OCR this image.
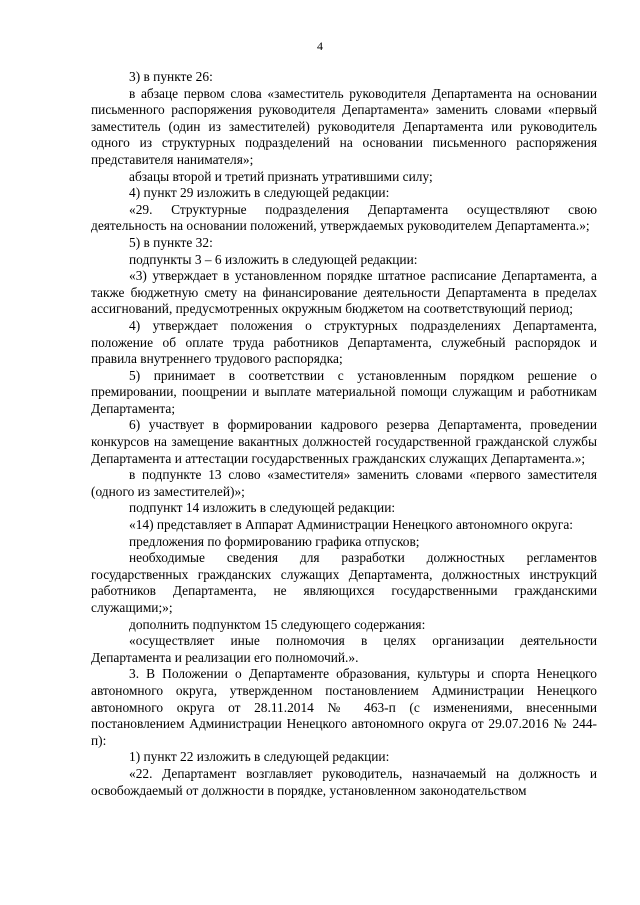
4

3) в пункте 26:

в абзаце первом слова «заместитель руководителя Департамента на основании письменного распоряжения руководителя Департамента» заменить словами «первый заместитель (один из заместителей) руководителя Департамента или руководитель одного из структурных подразделений на основании письменного распоряжения представителя нанимателя»;

абзацы второй и третий признать утратившими силу;

4) пункт 29 изложить в следующей редакции:

«29. Структурные подразделения Департамента осуществляют свою деятельность на основании положений, утверждаемых руководителем Департамента.»;

5) в пункте 32:

подпункты 3 – 6 изложить в следующей редакции:

«3) утверждает в установленном порядке штатное расписание Департамента, а также бюджетную смету на финансирование деятельности Департамента в пределах ассигнований, предусмотренных окружным бюджетом на соответствующий период;

4) утверждает положения о структурных подразделениях Департамента, положение об оплате труда работников Департамента, служебный распорядок и правила внутреннего трудового распорядка;

5) принимает в соответствии с установленным порядком решение о премировании, поощрении и выплате материальной помощи служащим и работникам Департамента;

6) участвует в формировании кадрового резерва Департамента, проведении конкурсов на замещение вакантных должностей государственной гражданской службы Департамента и аттестации государственных гражданских служащих Департамента.»;

в подпункте 13 слово «заместителя» заменить словами «первого заместителя (одного из заместителей)»;

подпункт 14 изложить в следующей редакции:

«14) представляет в Аппарат Администрации Ненецкого автономного округа:

предложения по формированию графика отпусков;

необходимые сведения для разработки должностных регламентов государственных гражданских служащих Департамента, должностных инструкций работников Департамента, не являющихся государственными гражданскими служащими;»;

дополнить подпунктом 15 следующего содержания:

«осуществляет иные полномочия в целях организации деятельности Департамента и реализации его полномочий.».

3. В Положении о Департаменте образования, культуры и спорта Ненецкого автономного округа, утвержденном постановлением Администрации Ненецкого автономного округа от 28.11.2014 № 463-п (с изменениями, внесенными постановлением Администрации Ненецкого автономного округа от 29.07.2016 № 244-п):

1) пункт 22 изложить в следующей редакции:

«22. Департамент возглавляет руководитель, назначаемый на должность и освобождаемый от должности в порядке, установленном законодательством
